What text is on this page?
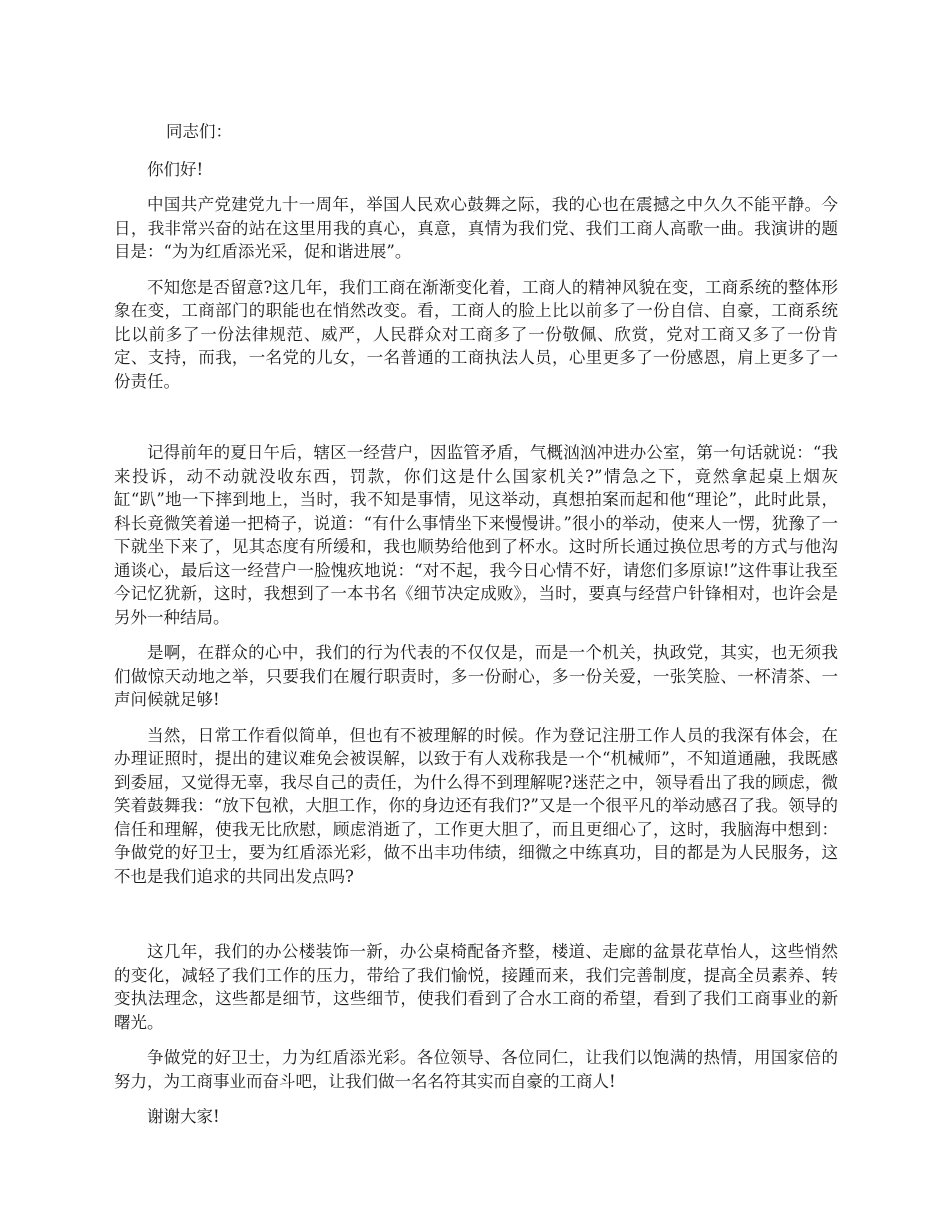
同志们：

你们好!

中国共产党建党九十一周年，举国人民欢心鼓舞之际，我的心也在震撼之中久久不能平静。今日，我非常兴奋的站在这里用我的真心，真意，真情为我们党、我们工商人高歌一曲。我演讲的题目是：“为为红盾添光采，促和谐进展”。

不知您是否留意?这几年，我们工商在渐渐变化着，工商人的精神风貌在变，工商系统的整体形象在变，工商部门的职能也在悄然改变。看，工商人的脸上比以前多了一份自信、自豪，工商系统比以前多了一份法律规范、威严，人民群众对工商多了一份敬佩、欣赏，党对工商又多了一份肯定、支持，而我，一名党的儿女，一名普通的工商执法人员，心里更多了一份感恩，肩上更多了一份责任。

记得前年的夏日午后，辖区一经营户，因监管矛盾，气概汹汹冲进办公室，第一句话就说：“我来投诉，动不动就没收东西，罚款，你们这是什么国家机关?”情急之下，竟然拿起桌上烟灰缸“趴”地一下摔到地上，当时，我不知是事情，见这举动，真想拍案而起和他“理论”，此时此景，科长竟微笑着递一把椅子，说道：“有什么事情坐下来慢慢讲。”很小的举动，使来人一愣，犹豫了一下就坐下来了，见其态度有所缓和，我也顺势给他到了杯水。这时所长通过换位思考的方式与他沟通谈心，最后这一经营户一脸愧疚地说：“对不起，我今日心情不好，请您们多原谅!”这件事让我至今记忆犹新，这时，我想到了一本书名《细节决定成败》，当时，要真与经营户针锋相对，也许会是另外一种结局。

是啊，在群众的心中，我们的行为代表的不仅仅是，而是一个机关，执政党，其实，也无须我们做惊天动地之举，只要我们在履行职责时，多一份耐心，多一份关爱，一张笑脸、一杯清茶、一声问候就足够!

当然，日常工作看似简单，但也有不被理解的时候。作为登记注册工作人员的我深有体会，在办理证照时，提出的建议难免会被误解，以致于有人戏称我是一个“机械师”，不知道通融，我既感到委屈，又觉得无辜，我尽自己的责任，为什么得不到理解呢?迷茫之中，领导看出了我的顾虑，微笑着鼓舞我：“放下包袱，大胆工作，你的身边还有我们?”又是一个很平凡的举动感召了我。领导的信任和理解，使我无比欣慰，顾虑消逝了，工作更大胆了，而且更细心了，这时，我脑海中想到：争做党的好卫士，要为红盾添光彩，做不出丰功伟绩，细微之中练真功，目的都是为人民服务，这不也是我们追求的共同出发点吗?

这几年，我们的办公楼装饰一新，办公桌椅配备齐整，楼道、走廊的盆景花草怡人，这些悄然的变化，减轻了我们工作的压力，带给了我们愉悦，接踵而来，我们完善制度，提高全员素养、转变执法理念，这些都是细节，这些细节，使我们看到了合水工商的希望，看到了我们工商事业的新曙光。

争做党的好卫士，力为红盾添光彩。各位领导、各位同仁，让我们以饱满的热情，用国家倍的努力，为工商事业而奋斗吧，让我们做一名名符其实而自豪的工商人!

谢谢大家!
